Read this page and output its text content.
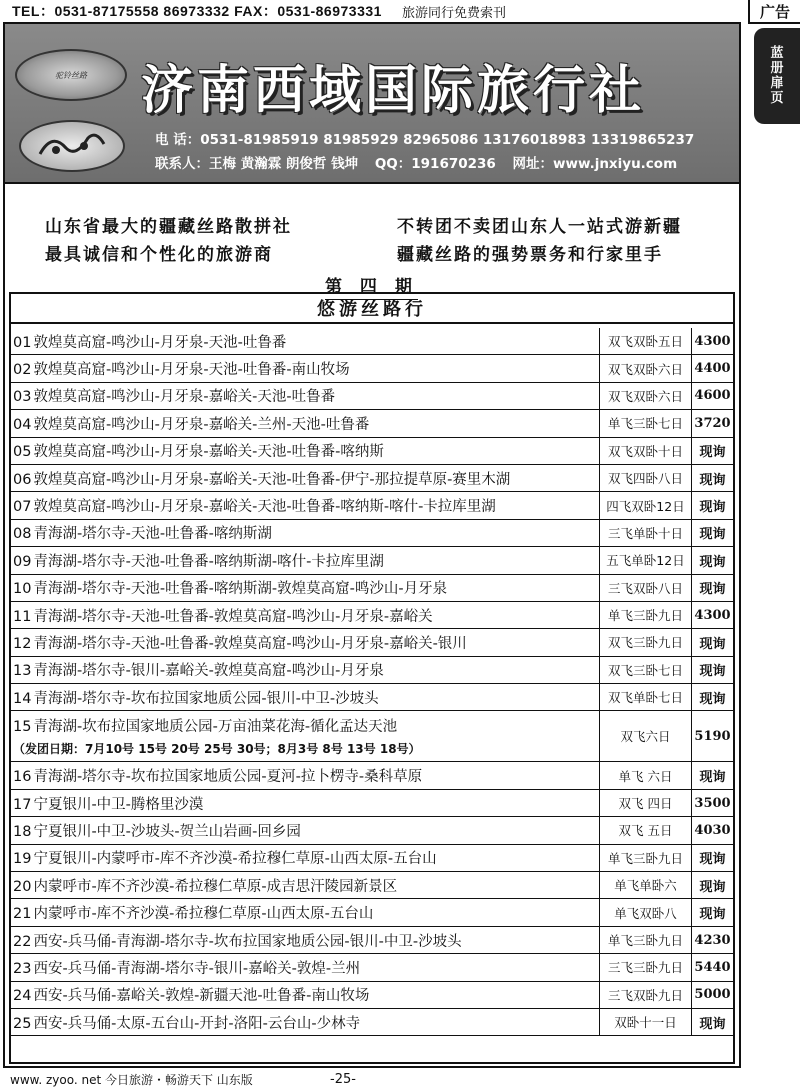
TEL：0531-87175558 86973332 FAX：0531-86973331 旅游同行免费索刊	广告
蓝
册
扉
页
驼铃丝路 济南西域国际旅行社
电 话：0531-81985919 81985929 82965086 13176018983 13319865237
联系人：王梅 黄瀚霖 朗俊哲 钱坤 QQ：191670236 网址：www.jnxiyu.com
山东省最大的疆藏丝路散拼社
最具诚信和个性化的旅游商
不转团不卖团山东人一站式游新疆
疆藏丝路的强势票务和行家里手
第 四 期
悠游丝路行
01 敦煌莫高窟-鸣沙山-月牙泉-天池-吐鲁番	双飞双卧五日 4300
02 敦煌莫高窟-鸣沙山-月牙泉-天池-吐鲁番-南山牧场	双飞双卧六日 4400
03 敦煌莫高窟-鸣沙山-月牙泉-嘉峪关-天池-吐鲁番	双飞双卧六日 4600
04 敦煌莫高窟-鸣沙山-月牙泉-嘉峪关-兰州-天池-吐鲁番	单飞三卧七日 3720
05 敦煌莫高窟-鸣沙山-月牙泉-嘉峪关-天池-吐鲁番-喀纳斯	双飞双卧十日	现询
06 敦煌莫高窟-鸣沙山-月牙泉-嘉峪关-天池-吐鲁番-伊宁-那拉提草原-赛里木湖	双飞四卧八日	现询
07 敦煌莫高窟-鸣沙山-月牙泉-嘉峪关-天池-吐鲁番-喀纳斯-喀什-卡拉库里湖	四飞双卧12日	现询
08 青海湖-塔尔寺-天池-吐鲁番-喀纳斯湖	三飞单卧十日	现询
09 青海湖-塔尔寺-天池-吐鲁番-喀纳斯湖-喀什-卡拉库里湖	五飞单卧12日	现询
10 青海湖-塔尔寺-天池-吐鲁番-喀纳斯湖-敦煌莫高窟-鸣沙山-月牙泉	三飞双卧八日	现询
11 青海湖-塔尔寺-天池-吐鲁番-敦煌莫高窟-鸣沙山-月牙泉-嘉峪关	单飞三卧九日 4300
12 青海湖-塔尔寺-天池-吐鲁番-敦煌莫高窟-鸣沙山-月牙泉-嘉峪关-银川	双飞三卧九日	现询
13 青海湖-塔尔寺-银川-嘉峪关-敦煌莫高窟-鸣沙山-月牙泉	双飞三卧七日	现询
14 青海湖-塔尔寺-坎布拉国家地质公园-银川-中卫-沙坡头	双飞单卧七日	现询
15 青海湖-坎布拉国家地质公园-万亩油菜花海-循化孟达天池
（发团日期：7月10号 15号 20号 25号 30号；8月3号 8号 13号 18号）
双飞六日	5190
16 青海湖-塔尔寺-坎布拉国家地质公园-夏河-拉卜楞寺-桑科草原	单飞 六日	现询
17 宁夏银川-中卫-腾格里沙漠	双飞 四日	3500
18 宁夏银川-中卫-沙坡头-贺兰山岩画-回乡园	双飞 五日	4030
19 宁夏银川-内蒙呼市-库不齐沙漠-希拉穆仁草原-山西太原-五台山	单飞三卧九日	现询
20 内蒙呼市-库不齐沙漠-希拉穆仁草原-成吉思汗陵园新景区	单飞单卧六	现询
21 内蒙呼市-库不齐沙漠-希拉穆仁草原-山西太原-五台山	单飞双卧八	现询
22 西安-兵马俑-青海湖-塔尔寺-坎布拉国家地质公园-银川-中卫-沙坡头	单飞三卧九日 4230
23 西安-兵马俑-青海湖-塔尔寺-银川-嘉峪关-敦煌-兰州	三飞三卧九日 5440
24 西安-兵马俑-嘉峪关-敦煌-新疆天池-吐鲁番-南山牧场	三飞双卧九日 5000
25 西安-兵马俑-太原-五台山-开封-洛阳-云台山-少林寺	双卧十一日	现询
www. zyoo. net 今日旅游・畅游天下 山东版	-25-
